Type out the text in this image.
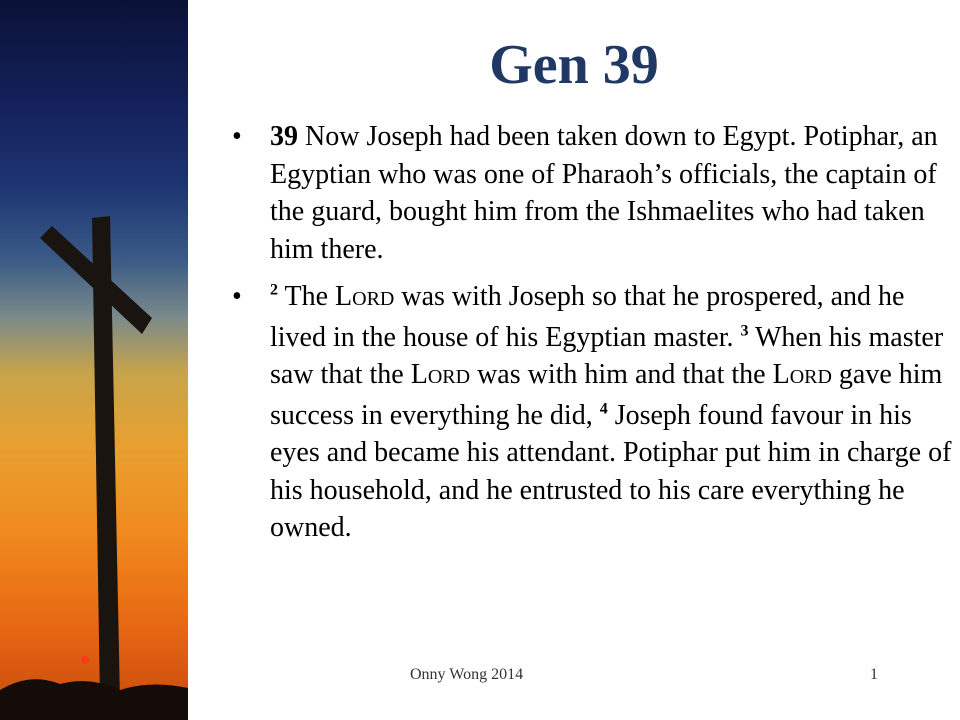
Gen 39
• 39 Now Joseph had been taken down to Egypt. Potiphar, an Egyptian who was one of Pharaoh’s officials, the captain of the guard, bought him from the Ishmaelites who had taken him there.
• $^2$ The LORD was with Joseph so that he prospered, and he lived in the house of his Egyptian master. $^3$ When his master saw that the LORD was with him and that the LORD gave him success in everything he did, $^4$ Joseph found favour in his eyes and became his attendant. Potiphar put him in charge of his household, and he entrusted to his care everything he owned.
Onny Wong 2014	1
